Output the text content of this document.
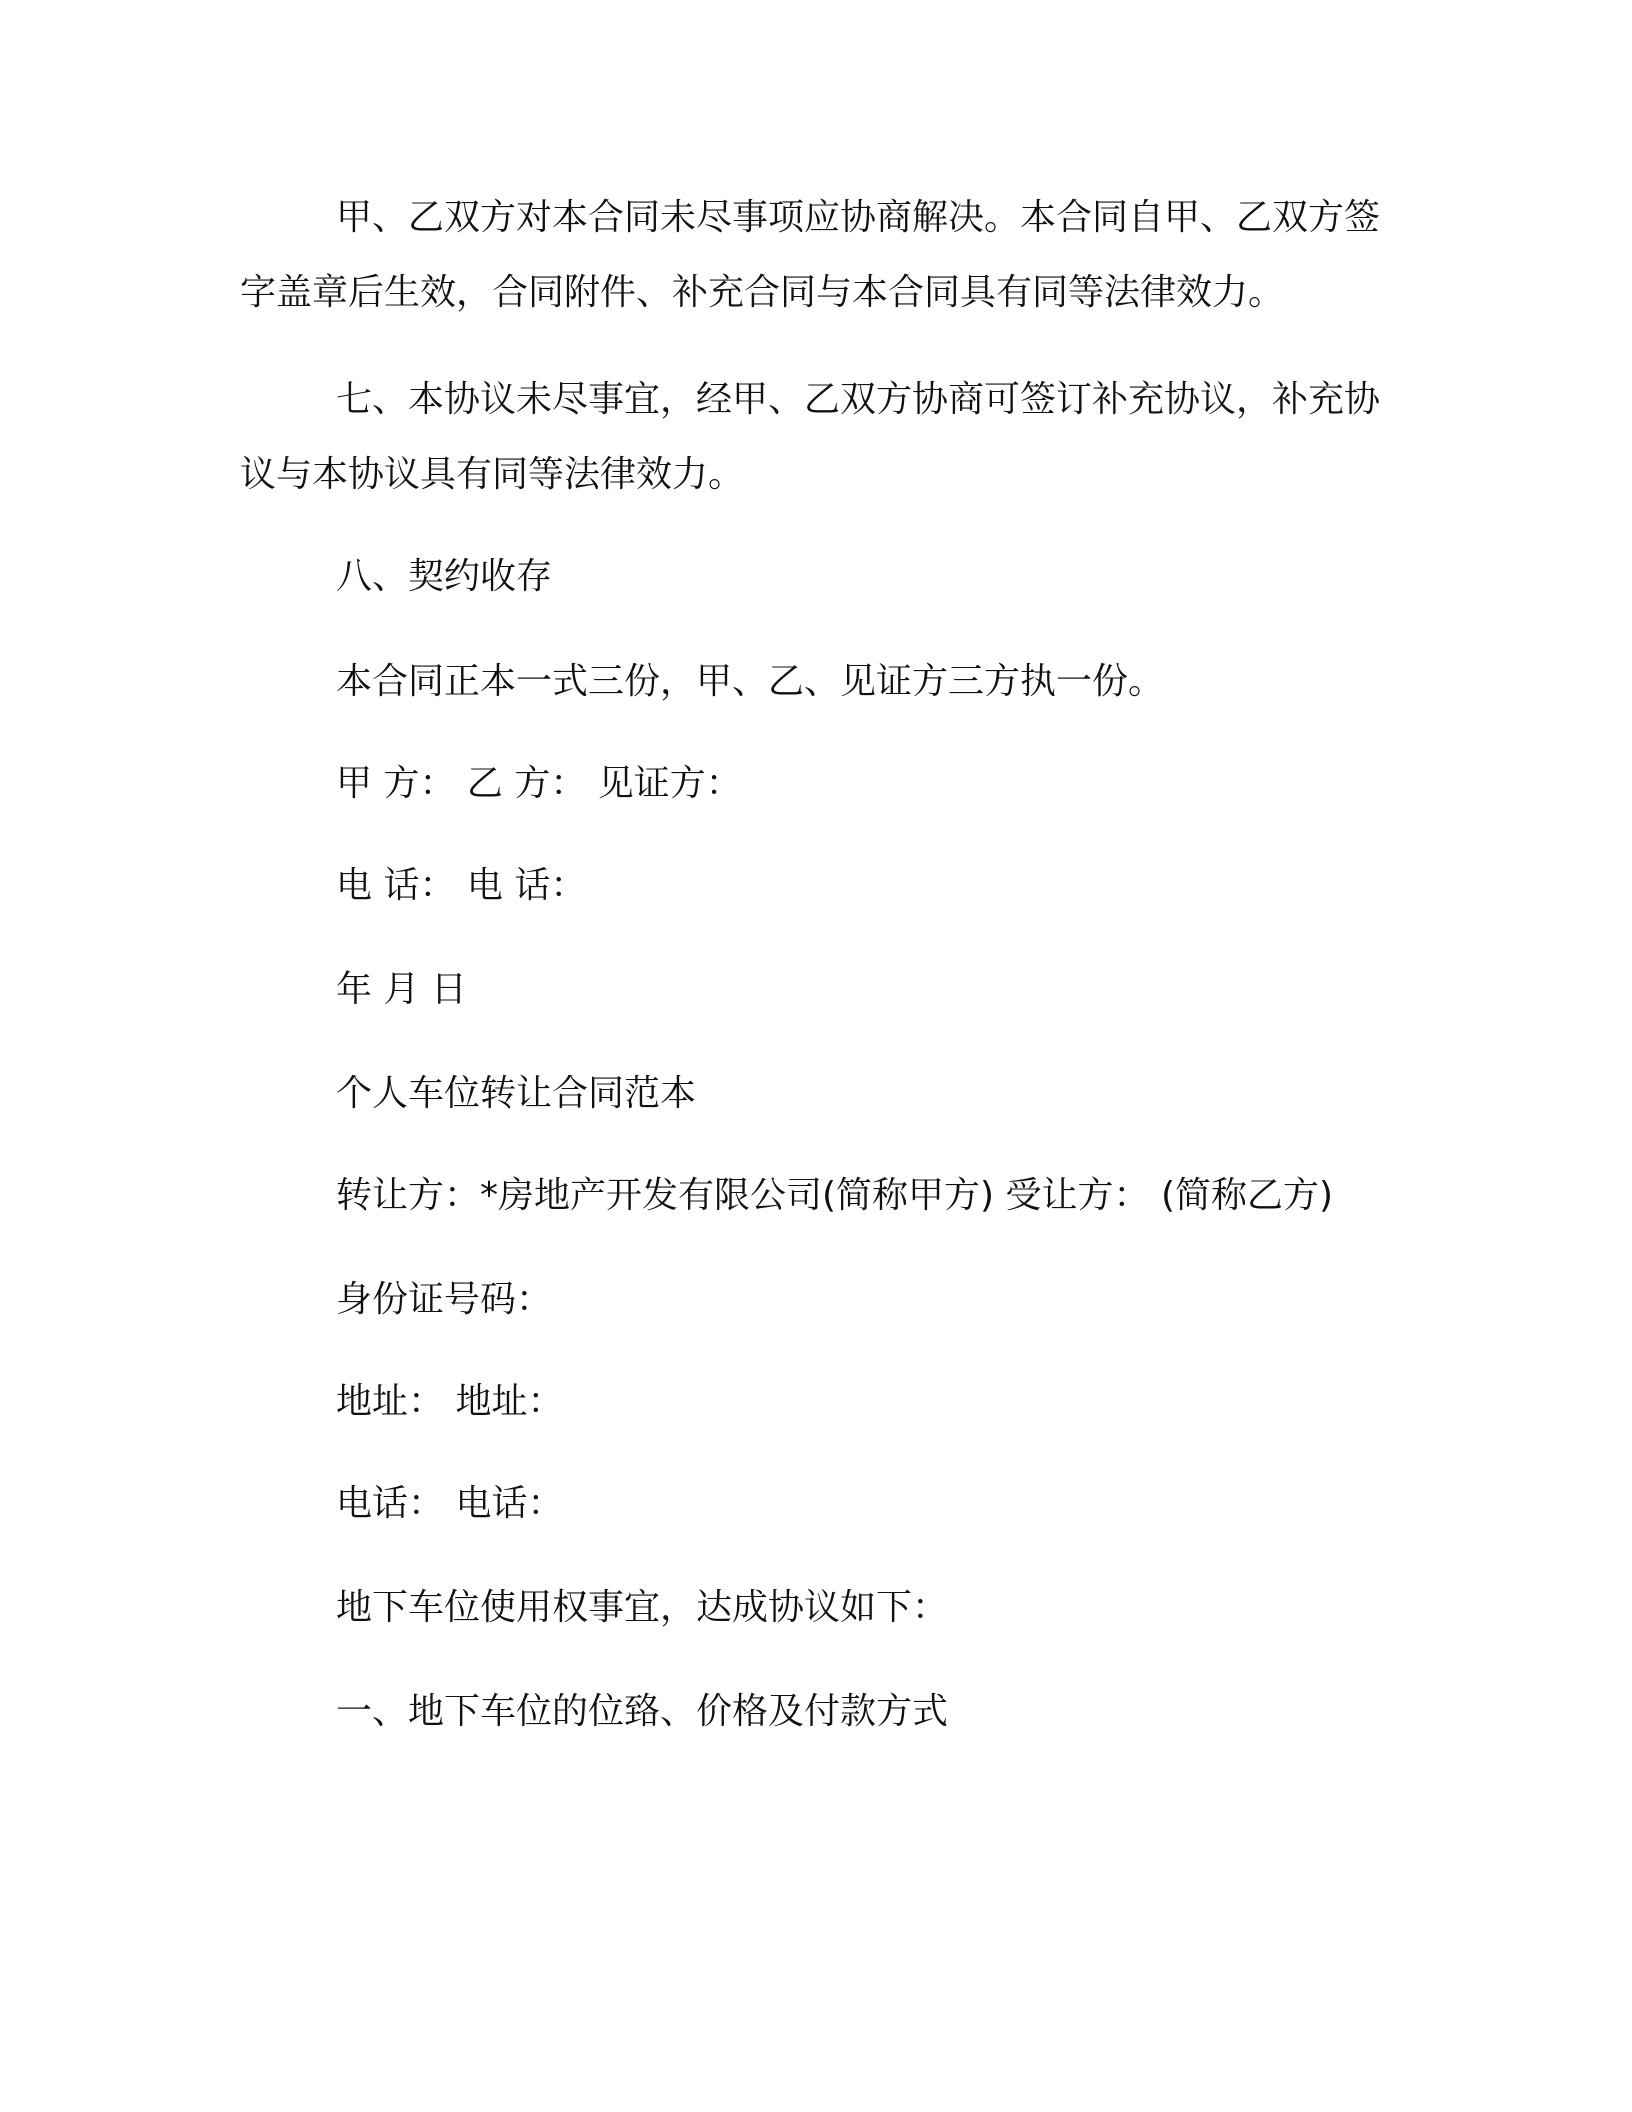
甲、乙双方对本合同未尽事项应协商解决。本合同自甲、乙双方签字盖章后生效，合同附件、补充合同与本合同具有同等法律效力。

七、本协议未尽事宜，经甲、乙双方协商可签订补充协议，补充协议与本协议具有同等法律效力。

八、契约收存

本合同正本一式三份，甲、乙、见证方三方执一份。

甲 方： 乙 方： 见证方：

电 话： 电 话：

年 月 日

个人车位转让合同范本

转让方：*房地产开发有限公司(简称甲方) 受让方： (简称乙方)

身份证号码：

地址： 地址：

电话： 电话：

地下车位使用权事宜，达成协议如下：

一、地下车位的位臵、价格及付款方式
